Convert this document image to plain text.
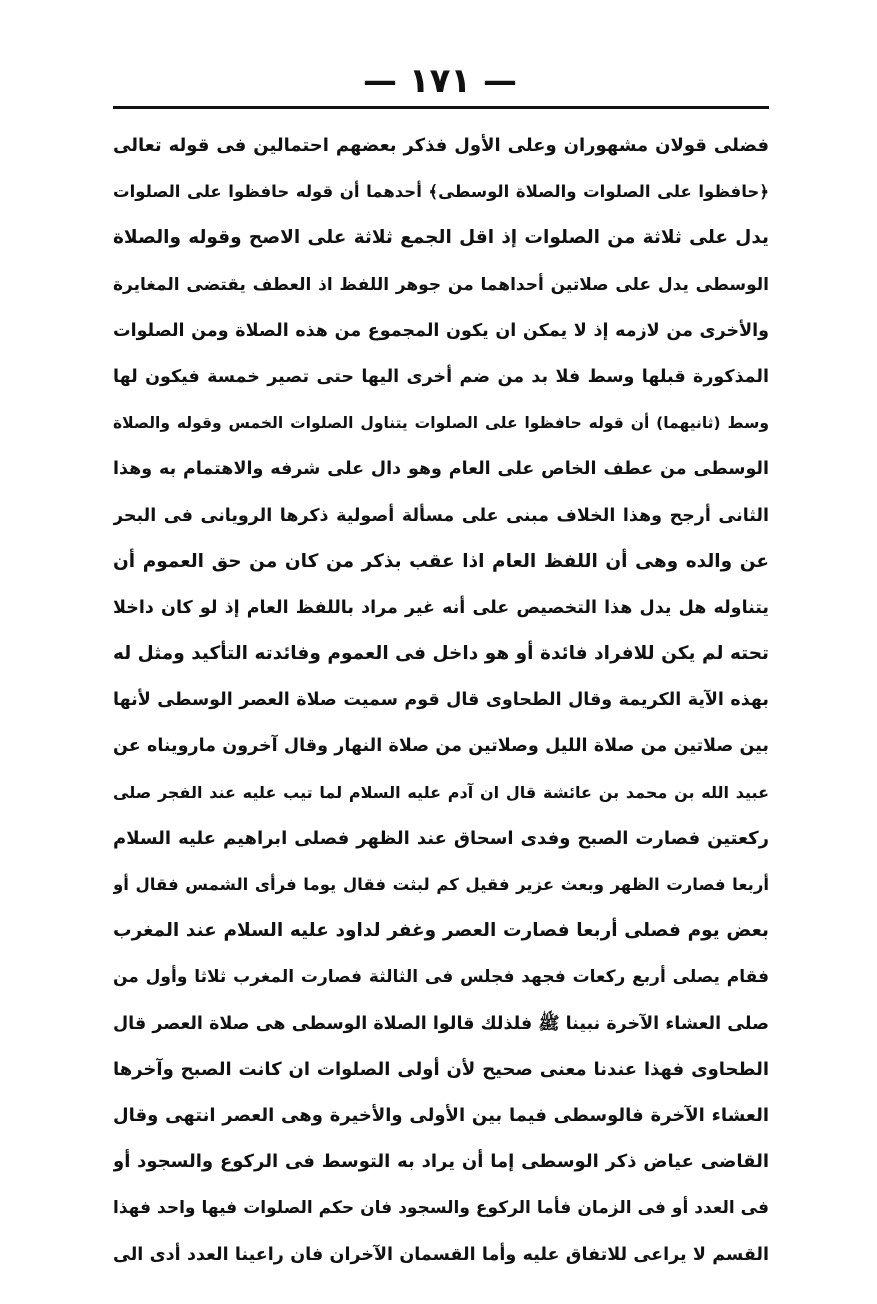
— ١٧١ —
فضلى قولان مشهوران وعلى الأول فذكر بعضهم احتمالين فى قوله تعالى
﴿حافظوا على الصلوات والصلاة الوسطى﴾ أحدهما أن قوله حافظوا على الصلوات
يدل على ثلاثة من الصلوات إذ اقل الجمع ثلاثة على الاصح وقوله والصلاة
الوسطى يدل على صلاتين أحداهما من جوهر اللفظ اذ العطف يقتضى المغايرة
والأخرى من لازمه إذ لا يمكن ان يكون المجموع من هذه الصلاة ومن الصلوات
المذكورة قبلها وسط فلا بد من ضم أخرى اليها حتى تصير خمسة فيكون لها
وسط (ثانيهما) أن قوله حافظوا على الصلوات يتناول الصلوات الخمس وقوله والصلاة
الوسطى من عطف الخاص على العام وهو دال على شرفه والاهتمام به وهذا
الثانى أرجح وهذا الخلاف مبنى على مسألة أصولية ذكرها الرويانى فى البحر
عن والده وهى أن اللفظ العام اذا عقب بذكر من كان من حق العموم أن
يتناوله هل يدل هذا التخصيص على أنه غير مراد باللفظ العام إذ لو كان داخلا
تحته لم يكن للافراد فائدة أو هو داخل فى العموم وفائدته التأكيد ومثل له
بهذه الآية الكريمة وقال الطحاوى قال قوم سميت صلاة العصر الوسطى لأنها
بين صلاتين من صلاة الليل وصلاتين من صلاة النهار وقال آخرون مارويناه عن
عبيد الله بن محمد بن عائشة قال ان آدم عليه السلام لما تيب عليه عند الفجر صلى
ركعتين فصارت الصبح وفدى اسحاق عند الظهر فصلى ابراهيم عليه السلام
أربعا فصارت الظهر وبعث عزير فقيل كم لبثت فقال يوما فرأى الشمس فقال أو
بعض يوم فصلى أربعا فصارت العصر وغفر لداود عليه السلام عند المغرب
فقام يصلى أربع ركعات فجهد فجلس فى الثالثة فصارت المغرب ثلاثا وأول من
صلى العشاء الآخرة نبينا ﷺ فلذلك قالوا الصلاة الوسطى هى صلاة العصر قال
الطحاوى فهذا عندنا معنى صحيح لأن أولى الصلوات ان كانت الصبح وآخرها
العشاء الآخرة فالوسطى فيما بين الأولى والأخيرة وهى العصر انتهى وقال
القاضى عياض ذكر الوسطى إما أن يراد به التوسط فى الركوع والسجود أو
فى العدد أو فى الزمان فأما الركوع والسجود فان حكم الصلوات فيها واحد فهذا
القسم لا يراعى للاتفاق عليه وأما القسمان الآخران فان راعينا العدد أدى الى
